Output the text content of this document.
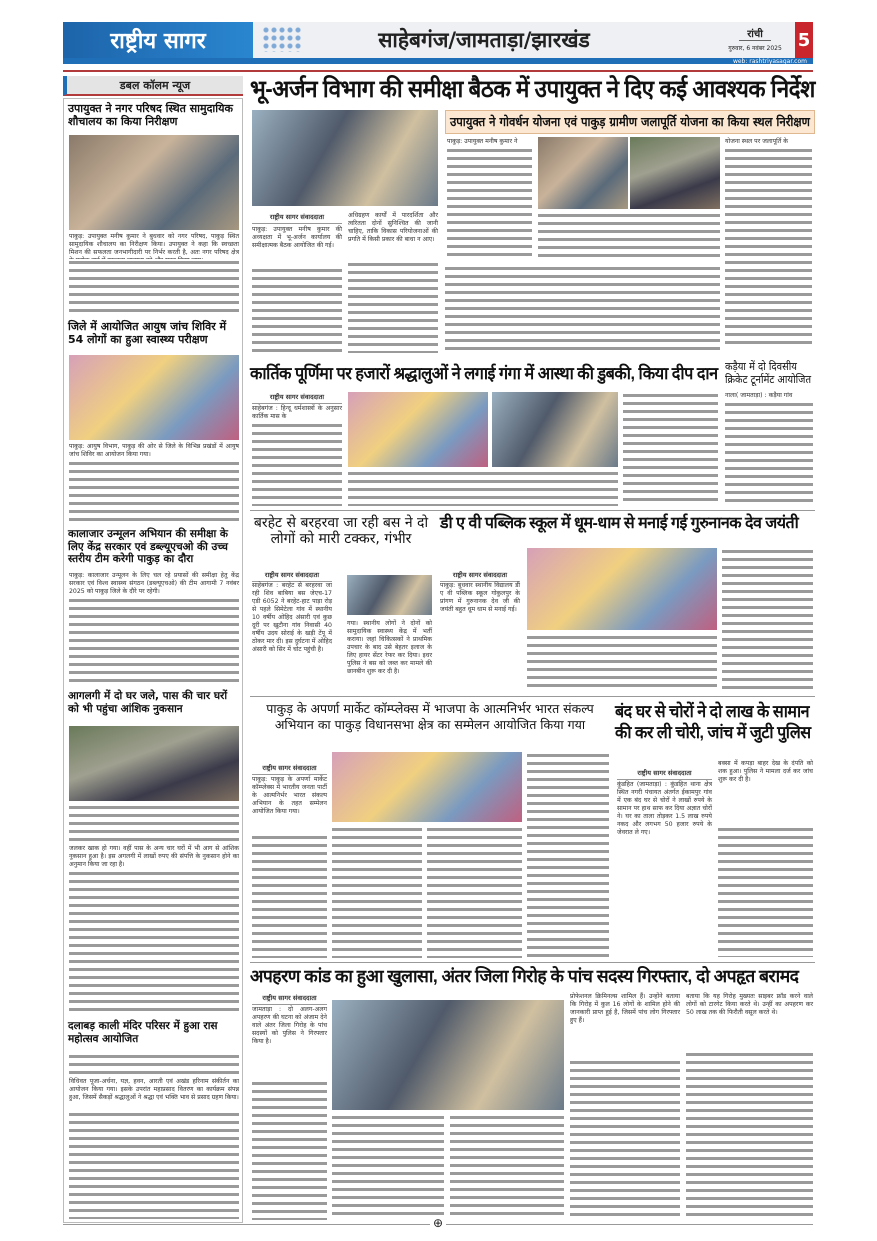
राष्ट्रीय सागर	साहेबगंज/जामताड़ा/झारखंड	रांची
गुरुवार, 6 नवंबर 2025 5
web: rashtriyasagar.com
डबल कॉलम न्यूज
उपायुक्त ने नगर परिषद स्थित सामुदायिक शौचालय का किया निरीक्षण
पाकुड़: उपायुक्त मनीष कुमार ने बुधवार को नगर परिषद, पाकुड़ स्थित सामुदायिक शौचालय का निरीक्षण किया। उपायुक्त ने कहा कि स्वच्छता मिशन की सफलता जनभागीदारी पर निर्भर करती है, अतः नगर परिषद क्षेत्र
जिले में आयोजित आयुष जांच शिविर में 54 लोगों का हुआ स्वास्थ्य परीक्षण
पाकुड़: आयुष विभाग, पाकुड़ की ओर से जिले के विभिन्न प्रखंडों में आयुष जांच शिविर का आयोजन किया गया।
कालाजार उन्मूलन अभियान की समीक्षा के लिए केंद्र सरकार एवं डब्ल्यूएचओ की उच्च स्तरीय टीम करेगी पाकुड़ का दौरा
पाकुड़: कालाजार उन्मूलन के लिए चल रहे प्रयासों की समीक्षा हेतु केंद्र सरकार एवं विश्व स्वास्थ्य संगठन (डब्ल्यूएचओ) की टीम आगामी 7 नवंबर 2025 को पाकुड़ जिले के दौरे पर रहेगी।
आगलगी में दो घर जले, पास की चार घरों को भी पहुंचा आंशिक नुकसान
जलकर खाक हो गया। वहीं पास के अन्य चार घरों में भी आग से आंशिक नुकसान हुआ है। इस अगलगी में लाखों रुपए की संपत्ति के नुकसान होने का अनुमान किया जा रहा है।
दलाबड़ काली मंदिर परिसर में हुआ रास महोत्सव आयोजित
विधिवत पूजा-अर्चना, यज्ञ, हवन, आरती एवं अखंड हरिनाम संकीर्तन का आयोजन किया गया। इसके उपरांत महाप्रसाद वितरण का कार्यक्रम संपन्न हुआ, जिसमें सैकड़ों श्रद्धालुओं ने श्रद्धा एवं भक्ति भाव से प्रसाद ग्रहण किया।
भू-अर्जन विभाग की समीक्षा बैठक में उपायुक्त ने दिए कई आवश्यक निर्देश
राष्ट्रीय सागर संवाददाता
पाकुड़: उपायुक्त मनीष कुमार की अध्यक्षता में भू-अर्जन कार्यालय की समीक्षात्मक बैठक आयोजित की गई।
अधिग्रहण कार्यों में पारदर्शिता और त्वरितता दोनों सुनिश्चित की जानी चाहिए, ताकि विकास परियोजनाओं की प्रगति में किसी प्रकार की बाधा न आए।
उपायुक्त ने गोवर्धन योजना एवं पाकुड़ ग्रामीण जलापूर्ति योजना का किया स्थल निरीक्षण
पाकुड़: उपायुक्त मनीष कुमार ने	योजना स्थल पर जलापूर्ति के
कार्तिक पूर्णिमा पर हजारों श्रद्धालुओं ने लगाई गंगा में आस्था की डुबकी, किया दीप दान
राष्ट्रीय सागर संवाददाता
साहेबगंज : हिन्दू धर्मशास्त्रों के अनुसार कार्तिक मास के
कड़ैया में दो दिवसीय क्रिकेट टूर्नामेंट आयोजित
नाला( जामताड़ा) : कड़ैया गांव
बरहेट से बरहरवा जा रही बस ने दो लोगों को मारी टक्कर, गंभीर
राष्ट्रीय सागर संवाददाता
साहेबगंज : बरहेट से बरहरवा जा रही शिव बाबिया बस जेएच-17 एडी 6052 ने बरहेट-हाट पाड़ा रोड़ से पहले सिमेटेला गांव में स्थानीय 10 वर्षीय ओहिद अंसारी एवं कुछ दूरी पर खुटौना गांव निवासी 40 वर्षीय उदय सोराई के खड़ी टेंपू में ठोकर मार दी। इस दुर्घटना में ओहिद अंसारी को सिर में चोट पहुंची है।
गया। स्थानीय लोगों ने दोनों को सामुदायिक स्वास्थ्य केंद्र में भर्ती कराया। जहां चिकित्सकों ने प्राथमिक उपचार के बाद उसे बेहतर इलाज के लिए हायर सेंटर रेफर कर दिया। इधर पुलिस ने बस को जब्त कर मामले की छानबीन शुरू कर दी है।
डी ए वी पब्लिक स्कूल में धूम-धाम से मनाई गई गुरुनानक देव जयंती
राष्ट्रीय सागर संवाददाता
पाकुड़: बुधवार स्थानीय विद्यालय डी ए वी पब्लिक स्कूल गोकुलपुर के प्रांगण में गुरुनानक देव जी की जयंती बहुत धूम धाम से मनाई गई।
पाकुड़ के अपर्णा मार्केट कॉम्प्लेक्स में भाजपा के आत्मनिर्भर भारत संकल्प अभियान का पाकुड़ विधानसभा क्षेत्र का सम्मेलन आयोजित किया गया
राष्ट्रीय सागर संवाददाता
पाकुड़: पाकुड़ के अपर्णा मार्केट कॉम्प्लेक्स में भारतीय जनता पार्टी के आत्मनिर्भर भारत संकल्प अभियान के तहत सम्मेलन आयोजित किया गया।
बंद घर से चोरों ने दो लाख के सामान की कर ली चोरी, जांच में जुटी पुलिस
राष्ट्रीय सागर संवाददाता
कुंडहित (जामताड़ा) : कुंडहित थाना क्षेत्र स्थित नगरी पंचायत अंतर्गत ईकामपुर गांव में एक बंद घर से चोरों ने लाखों रुपये के सामान पर हाथ साफ कर दिया अज्ञात चोरों ने। घर का ताला तोड़कर 1.5 लाख रुपये नकद और लगभग 50 हजार रुपये के जेवरात ले गए।
बक्सा में कपड़ा बाहर देख के दंपति को शक हुआ। पुलिस ने मामला दर्ज कर जांच शुरू कर दी है।
अपहरण कांड का हुआ खुलासा, अंतर जिला गिरोह के पांच सदस्य गिरफ्तार, दो अपहृत बरामद
राष्ट्रीय सागर संवाददाता
जामताड़ा : दो अलग-अलग अपहरण की घटना को अंजाम देने वाले अंतर जिला गिरोह के पांच सदस्यों को पुलिस ने गिरफ्तार किया है।
प्रोफेशनल क्रिमिनल्स शामिल हैं। उन्होंने बताया कि गिरोह में कुल 16 लोगों के शामिल होने की जानकारी प्राप्त हुई है, जिसमें पांच लोग गिरफ्तार हुए हैं।
बताया कि यह गिरोह मुख्यतः साइबर फ्रॉड करने वाले लोगों को टारगेट किया करते थे। उन्हीं का अपहरण कर 50 लाख तक की फिरौती वसूल करते थे।
⊕
